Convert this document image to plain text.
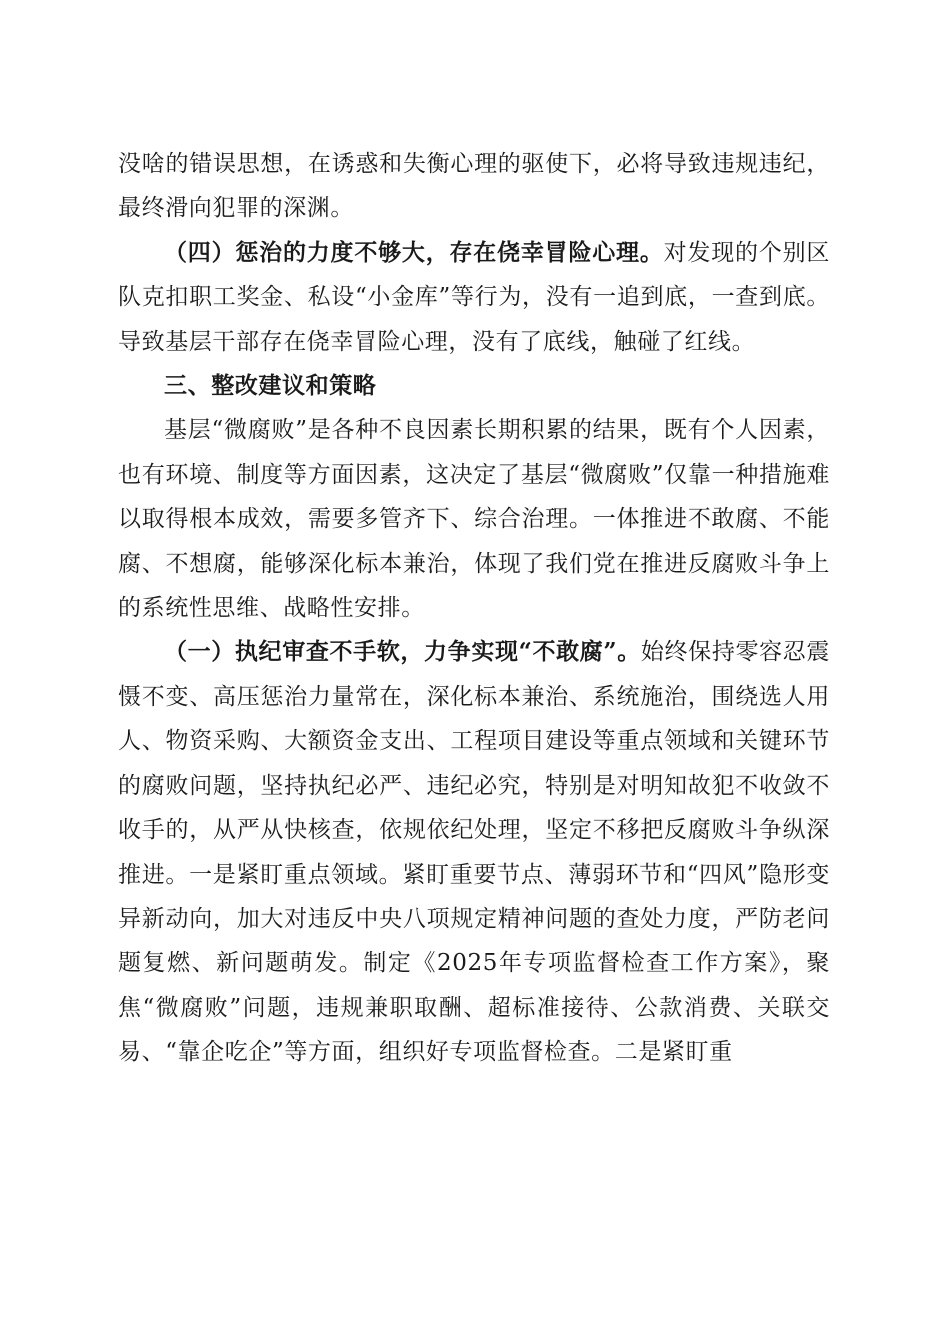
没啥的错误思想，在诱惑和失衡心理的驱使下，必将导致违规违纪，最终滑向犯罪的深渊。

（四）惩治的力度不够大，存在侥幸冒险心理。对发现的个别区队克扣职工奖金、私设“小金库”等行为，没有一追到底，一查到底。导致基层干部存在侥幸冒险心理，没有了底线，触碰了红线。

三、整改建议和策略

基层“微腐败”是各种不良因素长期积累的结果，既有个人因素，也有环境、制度等方面因素，这决定了基层“微腐败”仅靠一种措施难以取得根本成效，需要多管齐下、综合治理。一体推进不敢腐、不能腐、不想腐，能够深化标本兼治，体现了我们党在推进反腐败斗争上的系统性思维、战略性安排。

（一）执纪审查不手软，力争实现“不敢腐”。始终保持零容忍震慑不变、高压惩治力量常在，深化标本兼治、系统施治，围绕选人用人、物资采购、大额资金支出、工程项目建设等重点领域和关键环节的腐败问题，坚持执纪必严、违纪必究，特别是对明知故犯不收敛不收手的，从严从快核查，依规依纪处理，坚定不移把反腐败斗争纵深推进。一是紧盯重点领域。紧盯重要节点、薄弱环节和“四风”隐形变异新动向，加大对违反中央八项规定精神问题的查处力度，严防老问题复燃、新问题萌发。制定《2025年专项监督检查工作方案》，聚焦“微腐败”问题，违规兼职取酬、超标准接待、公款消费、关联交易、“靠企吃企”等方面，组织好专项监督检查。二是紧盯重
